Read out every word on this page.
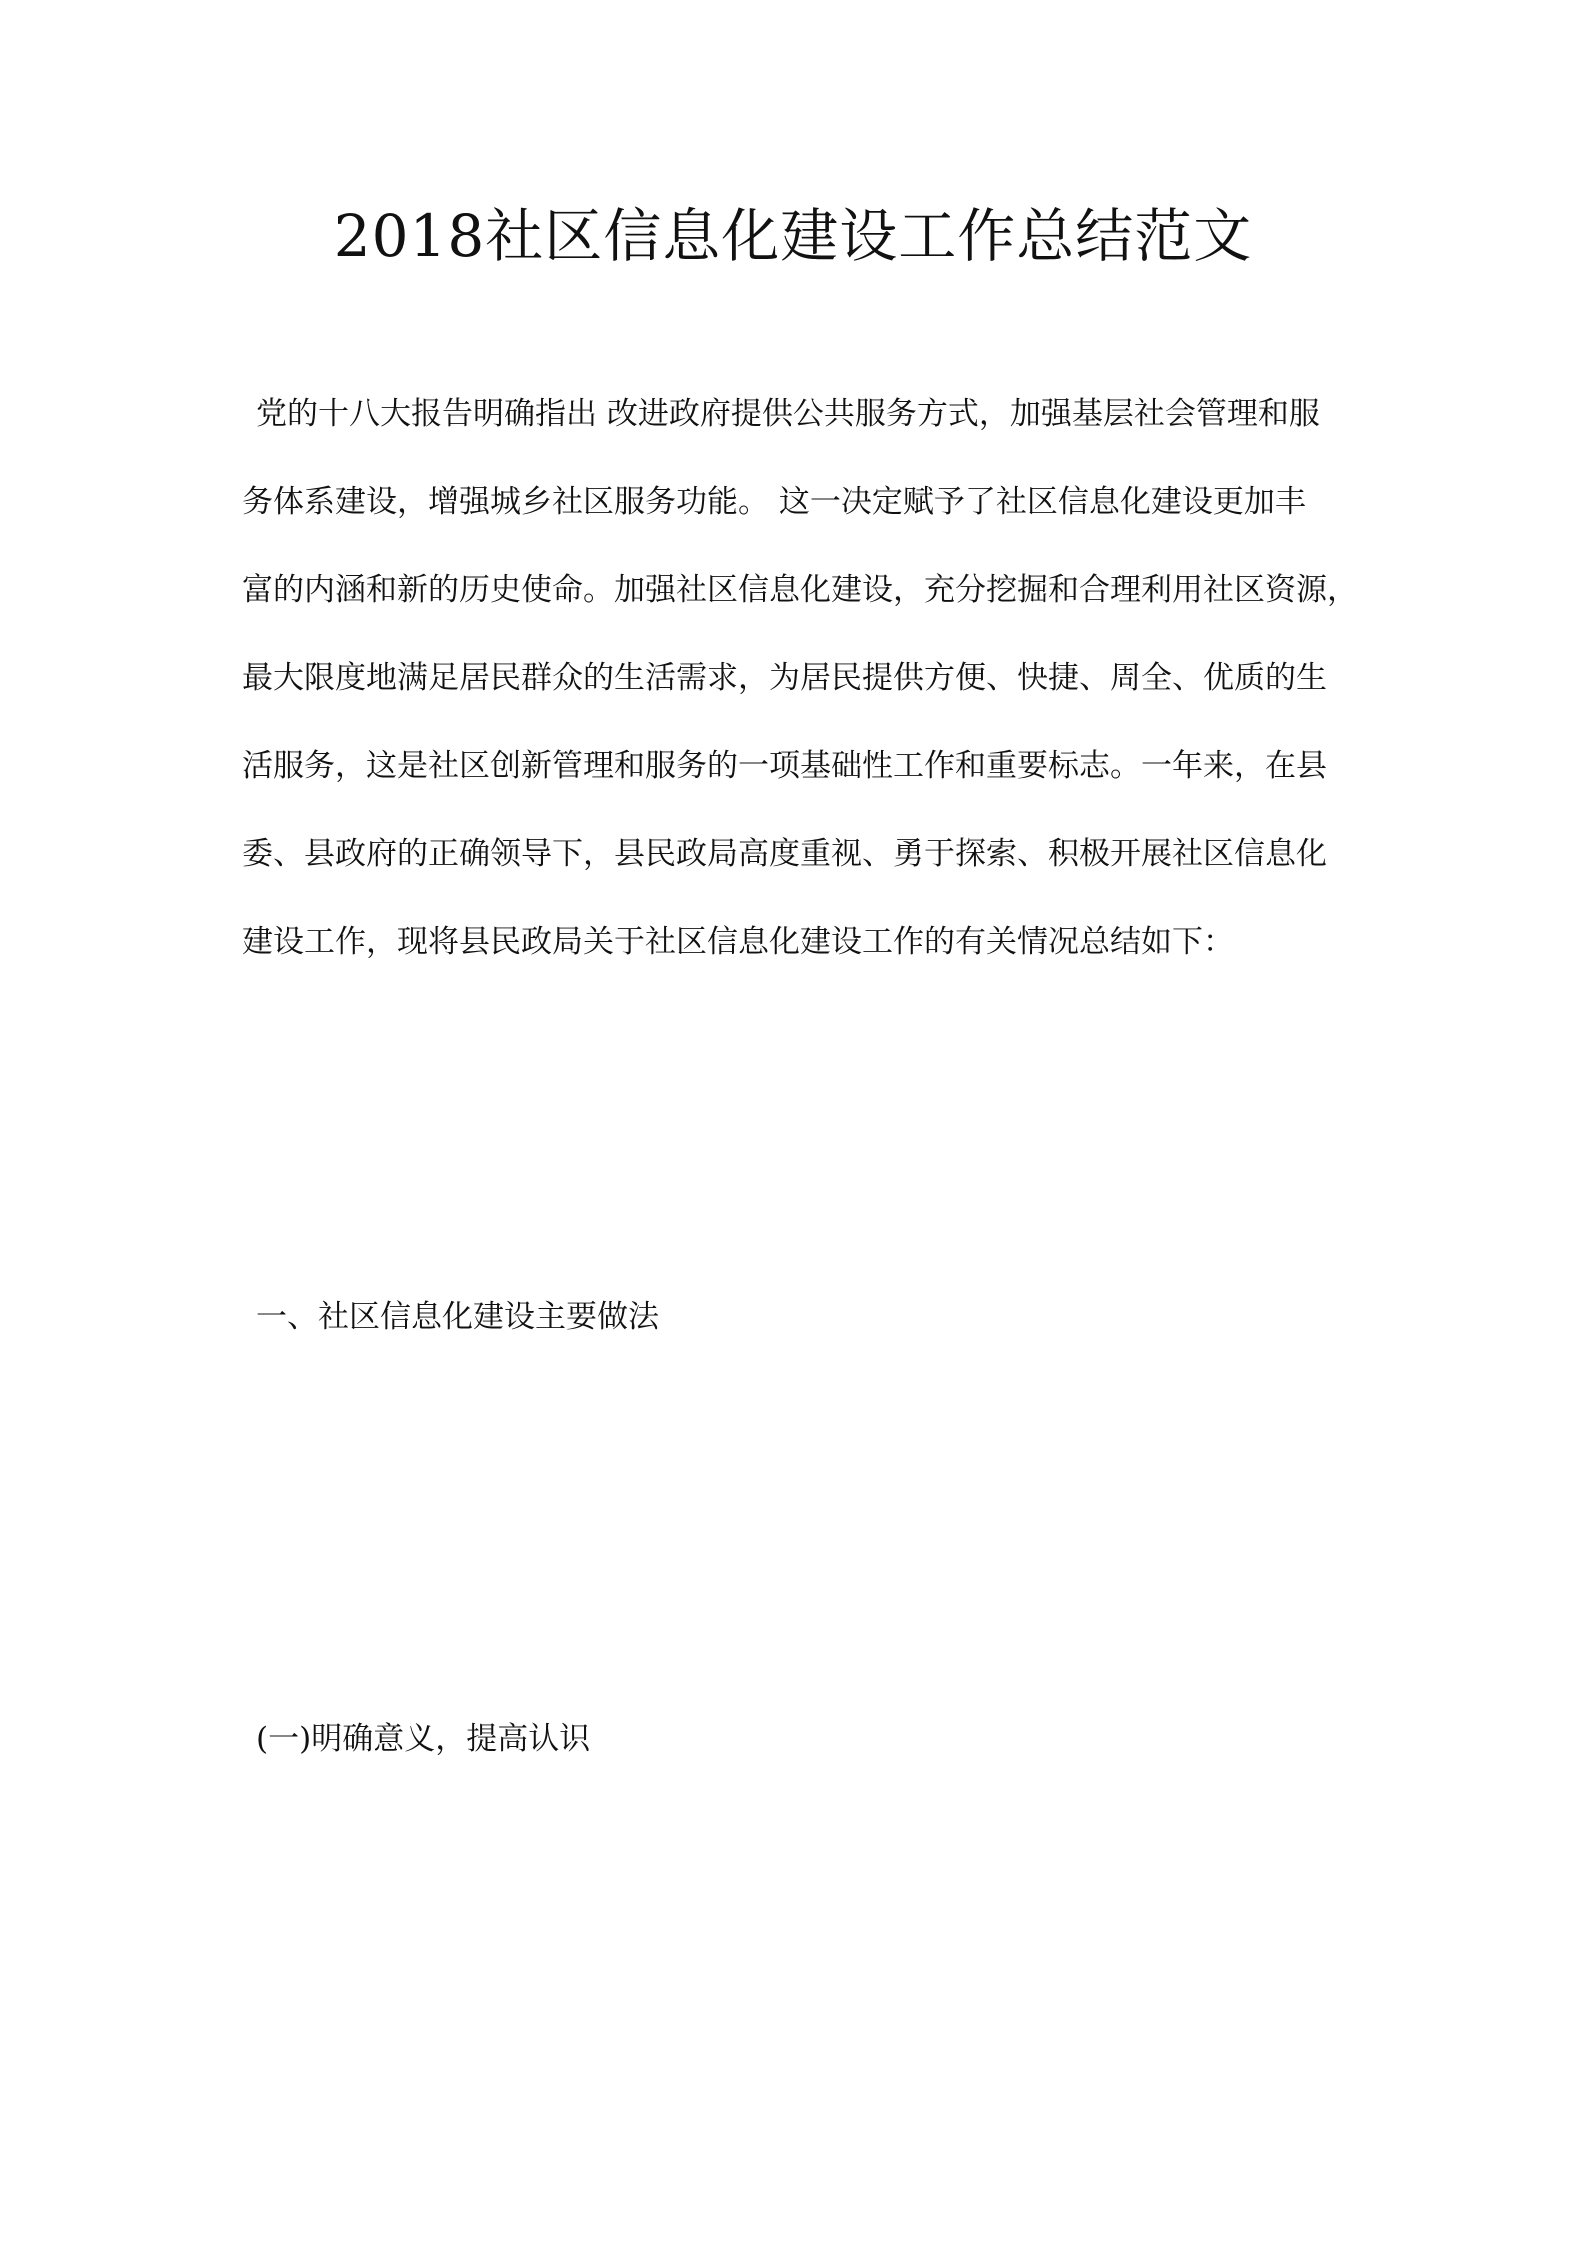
2018社区信息化建设工作总结范文

党的十八大报告明确指出 改进政府提供公共服务方式，加强基层社会管理和服
务体系建设，增强城乡社区服务功能。 这一决定赋予了社区信息化建设更加丰
富的内涵和新的历史使命。加强社区信息化建设，充分挖掘和合理利用社区资源，
最大限度地满足居民群众的生活需求，为居民提供方便、快捷、周全、优质的生
活服务，这是社区创新管理和服务的一项基础性工作和重要标志。一年来，在县
委、县政府的正确领导下，县民政局高度重视、勇于探索、积极开展社区信息化
建设工作，现将县民政局关于社区信息化建设工作的有关情况总结如下：

一、社区信息化建设主要做法
(一)明确意义，提高认识
